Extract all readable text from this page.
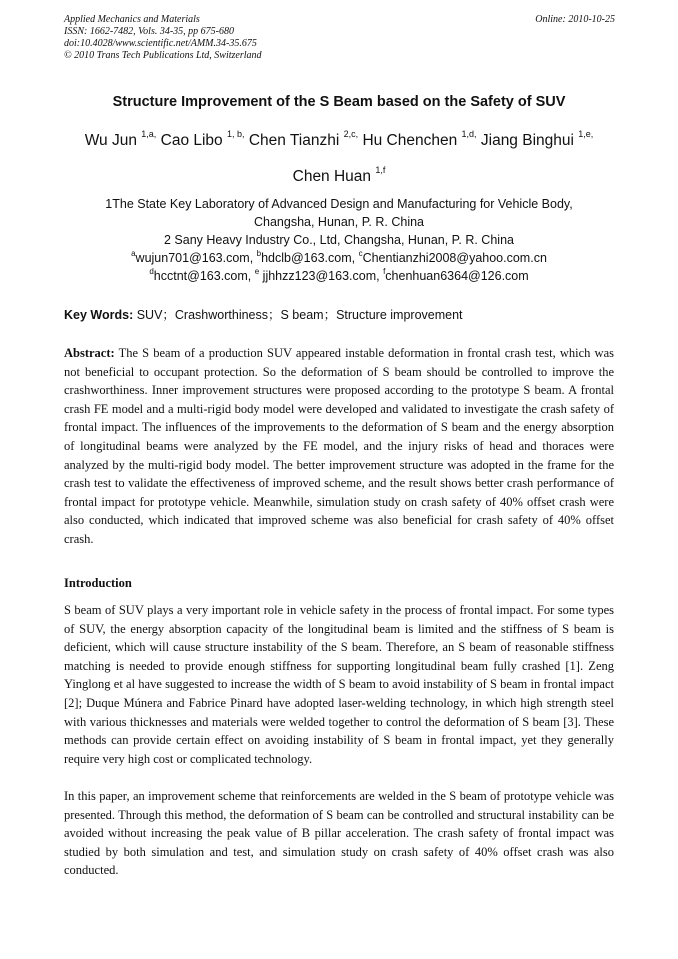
Applied Mechanics and Materials
ISSN: 1662-7482, Vols. 34-35, pp 675-680
doi:10.4028/www.scientific.net/AMM.34-35.675
© 2010 Trans Tech Publications Ltd, Switzerland
Online: 2010-10-25
Structure Improvement of the S Beam based on the Safety of SUV
Wu Jun $^{1,a,}$ Cao Libo $^{1, b,}$ Chen Tianzhi $^{2,c,}$ Hu Chenchen $^{1,d,}$ Jiang Binghui $^{1,e,}$
Chen Huan $^{1,f}$
1The State Key Laboratory of Advanced Design and Manufacturing for Vehicle Body,
Changsha, Hunan, P. R. China
2 Sany Heavy Industry Co., Ltd, Changsha, Hunan, P. R. China
$^a$wujun701@163.com, $^b$hdclb@163.com, $^c$Chentianzhi2008@yahoo.com.cn
$^d$hcctnt@163.com, $^e$ jjhhzz123@163.com, $^f$chenhuan6364@126.com
Key Words: SUV；Crashworthiness；S beam；Structure improvement
Abstract: The S beam of a production SUV appeared instable deformation in frontal crash test, which was not beneficial to occupant protection. So the deformation of S beam should be controlled to improve the crashworthiness. Inner improvement structures were proposed according to the prototype S beam. A frontal crash FE model and a multi-rigid body model were developed and validated to investigate the crash safety of frontal impact. The influences of the improvements to the deformation of S beam and the energy absorption of longitudinal beams were analyzed by the FE model, and the injury risks of head and thoraces were analyzed by the multi-rigid body model. The better improvement structure was adopted in the frame for the crash test to validate the effectiveness of improved scheme, and the result shows better crash performance of frontal impact for prototype vehicle. Meanwhile, simulation study on crash safety of 40% offset crash were also conducted, which indicated that improved scheme was also beneficial for crash safety of 40% offset crash.
Introduction

S beam of SUV plays a very important role in vehicle safety in the process of frontal impact. For some types of SUV, the energy absorption capacity of the longitudinal beam is limited and the stiffness of S beam is deficient, which will cause structure instability of the S beam. Therefore, an S beam of reasonable stiffness matching is needed to provide enough stiffness for supporting longitudinal beam fully crashed [1]. Zeng Yinglong et al have suggested to increase the width of S beam to avoid instability of S beam in frontal impact [2]; Duque Múnera and Fabrice Pinard have adopted laser-welding technology, in which high strength steel with various thicknesses and materials were welded together to control the deformation of S beam [3]. These methods can provide certain effect on avoiding instability of S beam in frontal impact, yet they generally require very high cost or complicated technology.

In this paper, an improvement scheme that reinforcements are welded in the S beam of prototype vehicle was presented. Through this method, the deformation of S beam can be controlled and structural instability can be avoided without increasing the peak value of B pillar acceleration. The crash safety of frontal impact was studied by both simulation and test, and simulation study on crash safety of 40% offset crash was also conducted.
